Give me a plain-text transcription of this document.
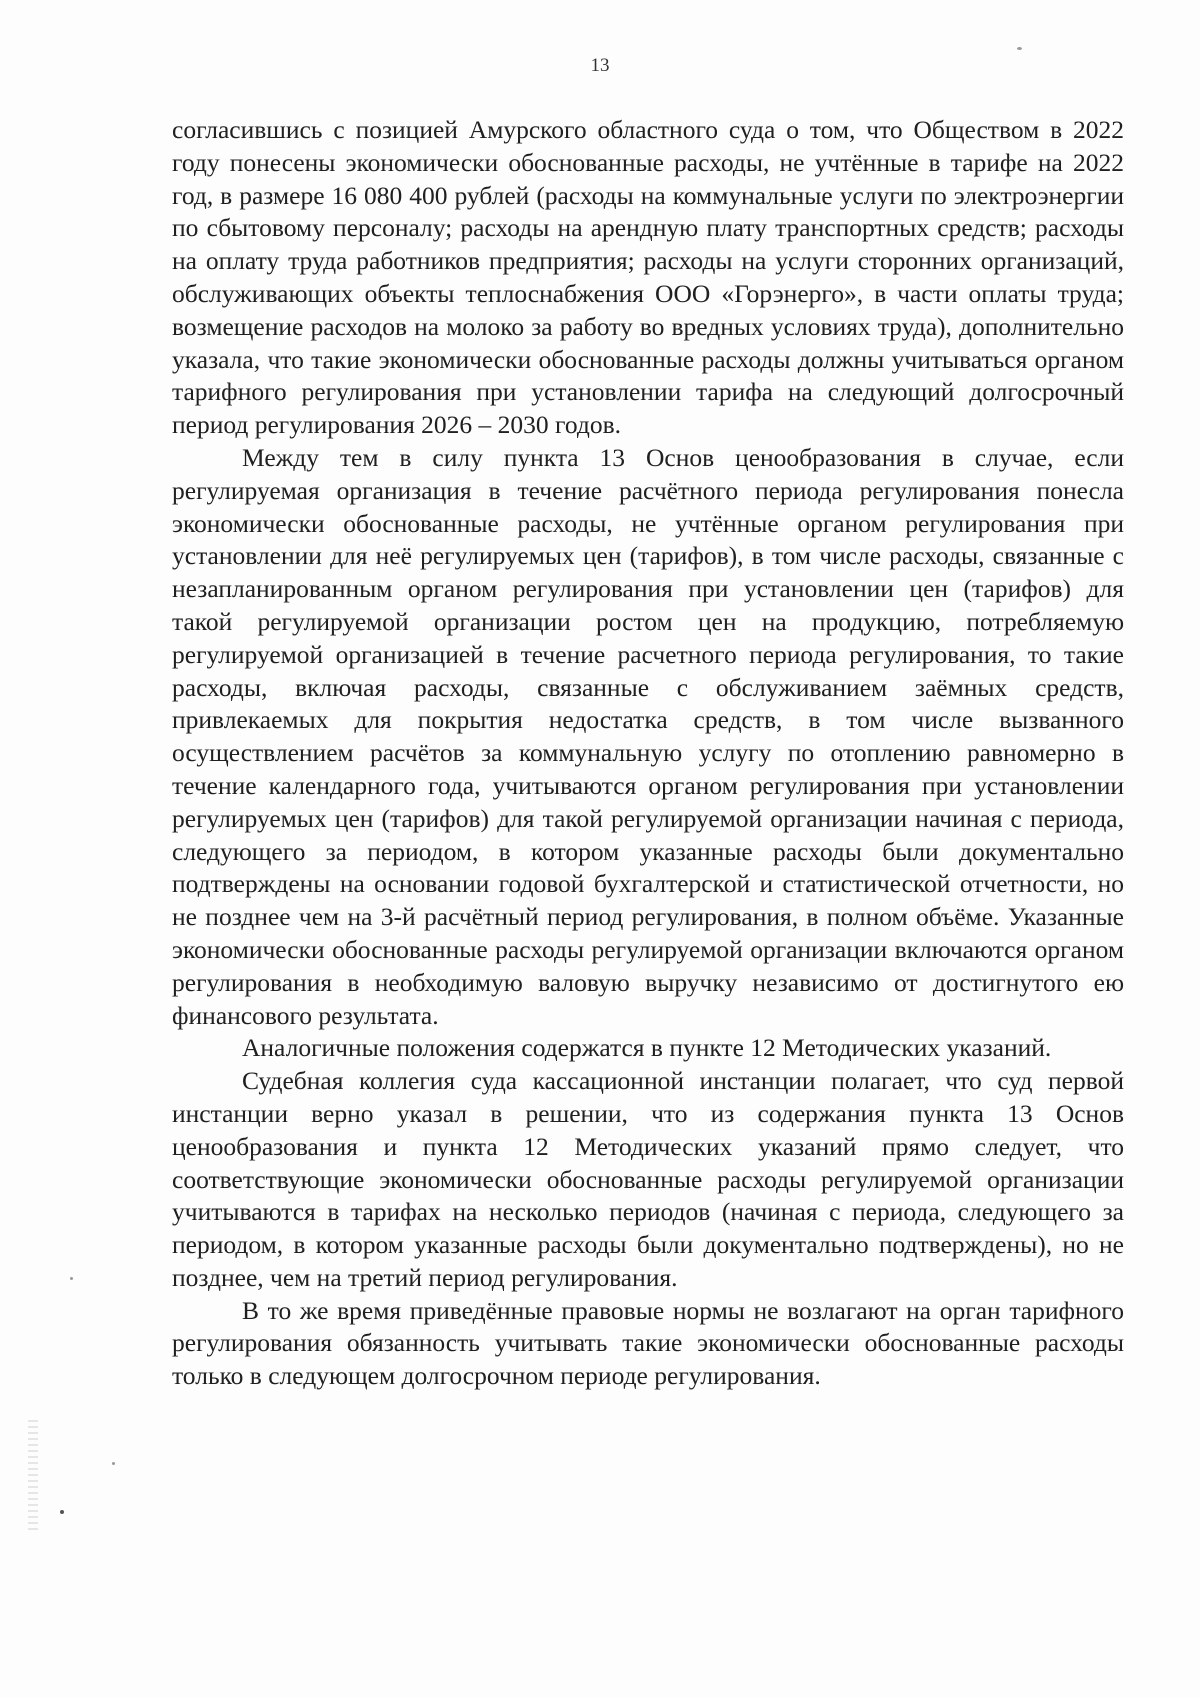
13

согласившись с позицией Амурского областного суда о том, что Обществом в 2022 году понесены экономически обоснованные расходы, не учтённые в тарифе на 2022 год, в размере 16 080 400 рублей (расходы на коммунальные услуги по электроэнергии по сбытовому персоналу; расходы на арендную плату транспортных средств; расходы на оплату труда работников предприятия; расходы на услуги сторонних организаций, обслуживающих объекты теплоснабжения ООО «Горэнерго», в части оплаты труда; возмещение расходов на молоко за работу во вредных условиях труда), дополнительно указала, что такие экономически обоснованные расходы должны учитываться органом тарифного регулирования при установлении тарифа на следующий долгосрочный период регулирования 2026 – 2030 годов.

Между тем в силу пункта 13 Основ ценообразования в случае, если регулируемая организация в течение расчётного периода регулирования понесла экономически обоснованные расходы, не учтённые органом регулирования при установлении для неё регулируемых цен (тарифов), в том числе расходы, связанные с незапланированным органом регулирования при установлении цен (тарифов) для такой регулируемой организации ростом цен на продукцию, потребляемую регулируемой организацией в течение расчетного периода регулирования, то такие расходы, включая расходы, связанные с обслуживанием заёмных средств, привлекаемых для покрытия недостатка средств, в том числе вызванного осуществлением расчётов за коммунальную услугу по отоплению равномерно в течение календарного года, учитываются органом регулирования при установлении регулируемых цен (тарифов) для такой регулируемой организации начиная с периода, следующего за периодом, в котором указанные расходы были документально подтверждены на основании годовой бухгалтерской и статистической отчетности, но не позднее чем на 3-й расчётный период регулирования, в полном объёме. Указанные экономически обоснованные расходы регулируемой организации включаются органом регулирования в необходимую валовую выручку независимо от достигнутого ею финансового результата.

Аналогичные положения содержатся в пункте 12 Методических указаний.

Судебная коллегия суда кассационной инстанции полагает, что суд первой инстанции верно указал в решении, что из содержания пункта 13 Основ ценообразования и пункта 12 Методических указаний прямо следует, что соответствующие экономически обоснованные расходы регулируемой организации учитываются в тарифах на несколько периодов (начиная с периода, следующего за периодом, в котором указанные расходы были документально подтверждены), но не позднее, чем на третий период регулирования.

В то же время приведённые правовые нормы не возлагают на орган тарифного регулирования обязанность учитывать такие экономически обоснованные расходы только в следующем долгосрочном периоде регулирования.
